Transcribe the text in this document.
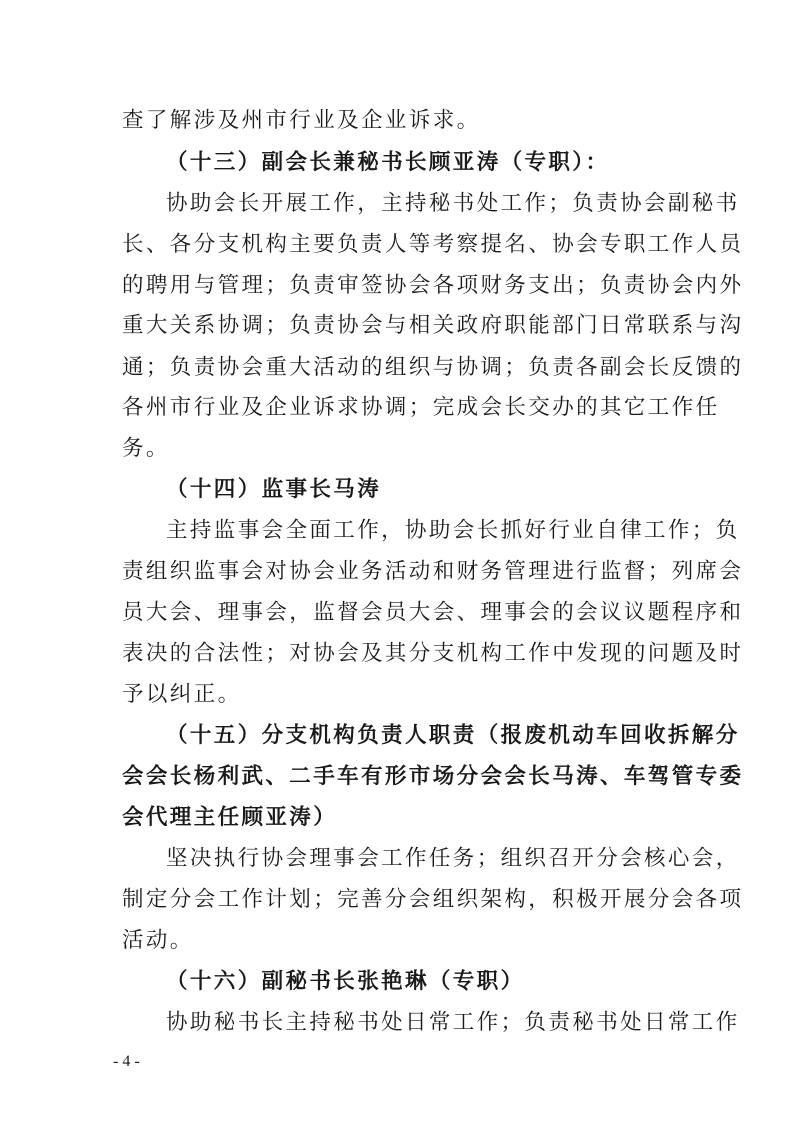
查了解涉及州市行业及企业诉求。

（十三）副会长兼秘书长顾亚涛（专职）：

协助会长开展工作，主持秘书处工作；负责协会副秘书

长、各分支机构主要负责人等考察提名、协会专职工作人员

的聘用与管理；负责审签协会各项财务支出；负责协会内外

重大关系协调；负责协会与相关政府职能部门日常联系与沟

通；负责协会重大活动的组织与协调；负责各副会长反馈的

各州市行业及企业诉求协调；完成会长交办的其它工作任

务。

（十四）监事长马涛

主持监事会全面工作，协助会长抓好行业自律工作；负

责组织监事会对协会业务活动和财务管理进行监督；列席会

员大会、理事会，监督会员大会、理事会的会议议题程序和

表决的合法性；对协会及其分支机构工作中发现的问题及时

予以纠正。

（十五）分支机构负责人职责（报废机动车回收拆解分

会会长杨利武、二手车有形市场分会会长马涛、车驾管专委

会代理主任顾亚涛）

坚决执行协会理事会工作任务；组织召开分会核心会，

制定分会工作计划；完善分会组织架构，积极开展分会各项

活动。

（十六）副秘书长张艳琳（专职）

协助秘书长主持秘书处日常工作；负责秘书处日常工作

- 4 -
